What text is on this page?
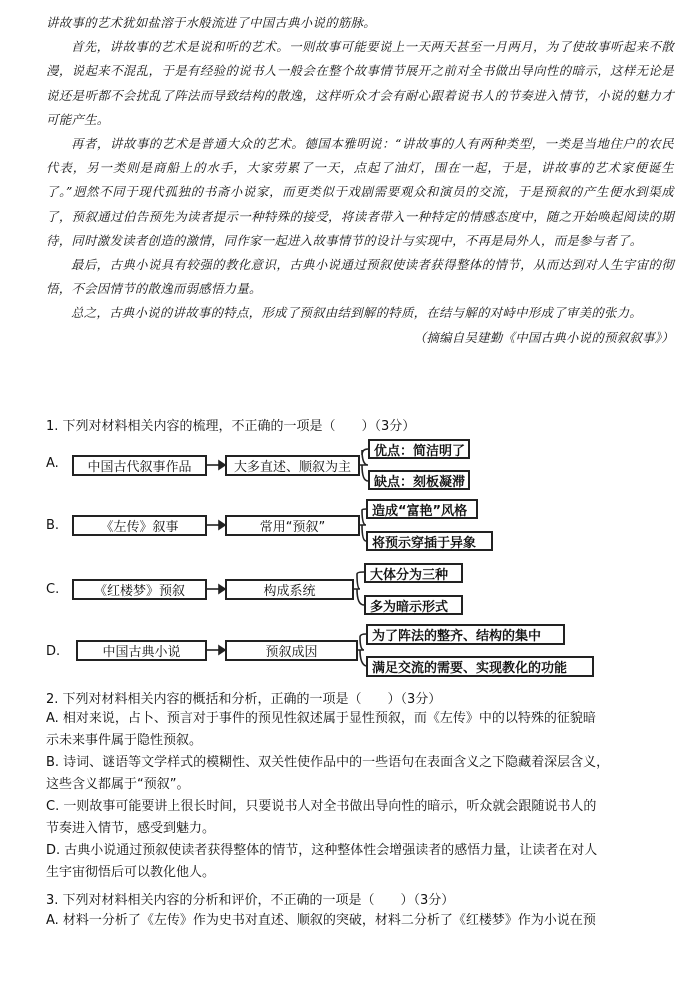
讲故事的艺术犹如盐溶于水般流进了中国古典小说的筋脉。

首先，讲故事的艺术是说和听的艺术。一则故事可能要说上一天两天甚至一月两月，为了使故事听起来不散漫，说起来不混乱，于是有经验的说书人一般会在整个故事情节展开之前对全书做出导向性的暗示，这样无论是说还是听都不会扰乱了阵法而导致结构的散逸，这样听众才会有耐心跟着说书人的节奏进入情节，小说的魅力才可能产生。

再者，讲故事的艺术是普通大众的艺术。德国本雅明说：“讲故事的人有两种类型，一类是当地住户的农民代表，另一类则是商船上的水手，大家劳累了一天，点起了油灯，围在一起，于是，讲故事的艺术家便诞生了。”迥然不同于现代孤独的书斋小说家，而更类似于戏剧需要观众和演员的交流，于是预叙的产生便水到渠成了，预叙通过伯告预先为读者提示一种特殊的接受，将读者带入一种特定的情感态度中，随之开始唤起阅读的期待，同时激发读者创造的激情，同作家一起进入故事情节的设计与实现中，不再是局外人，而是参与者了。

最后，古典小说具有较强的教化意识，古典小说通过预叙使读者获得整体的情节，从而达到对人生宇宙的彻悟，不会因情节的散逸而弱感悟力量。

总之，古典小说的讲故事的特点，形成了预叙由结到解的特质，在结与解的对峙中形成了审美的张力。

（摘编自吴建勤《中国古典小说的预叙叙事》）

1. 下列对材料相关内容的梳理，不正确的一项是（　　）（3分）
A.	中国古代叙事作品	大多直述、顺叙为主
优点：简洁明了
缺点：刻板凝滞
B.	《左传》叙事	常用“预叙”
造成“富艳”风格
将预示穿插于异象
C.	《红楼梦》预叙	构成系统
大体分为三种
多为暗示形式
D.	中国古典小说	预叙成因
为了阵法的整齐、结构的集中
满足交流的需要、实现教化的功能
2. 下列对材料相关内容的概括和分析，正确的一项是（　　）（3分）
A. 相对来说，占卜、预言对于事件的预见性叙述属于显性预叙，而《左传》中的以特殊的征貌暗
示未来事件属于隐性预叙。
B. 诗词、谜语等文学样式的模糊性、双关性使作品中的一些语句在表面含义之下隐藏着深层含义，
这些含义都属于“预叙”。
C. 一则故事可能要讲上很长时间，只要说书人对全书做出导向性的暗示，听众就会跟随说书人的
节奏进入情节，感受到魅力。
D. 古典小说通过预叙使读者获得整体的情节，这种整体性会增强读者的感悟力量，让读者在对人
生宇宙彻悟后可以教化他人。
3. 下列对材料相关内容的分析和评价，不正确的一项是（　　）（3分）
A. 材料一分析了《左传》作为史书对直述、顺叙的突破，材料二分析了《红楼梦》作为小说在预
